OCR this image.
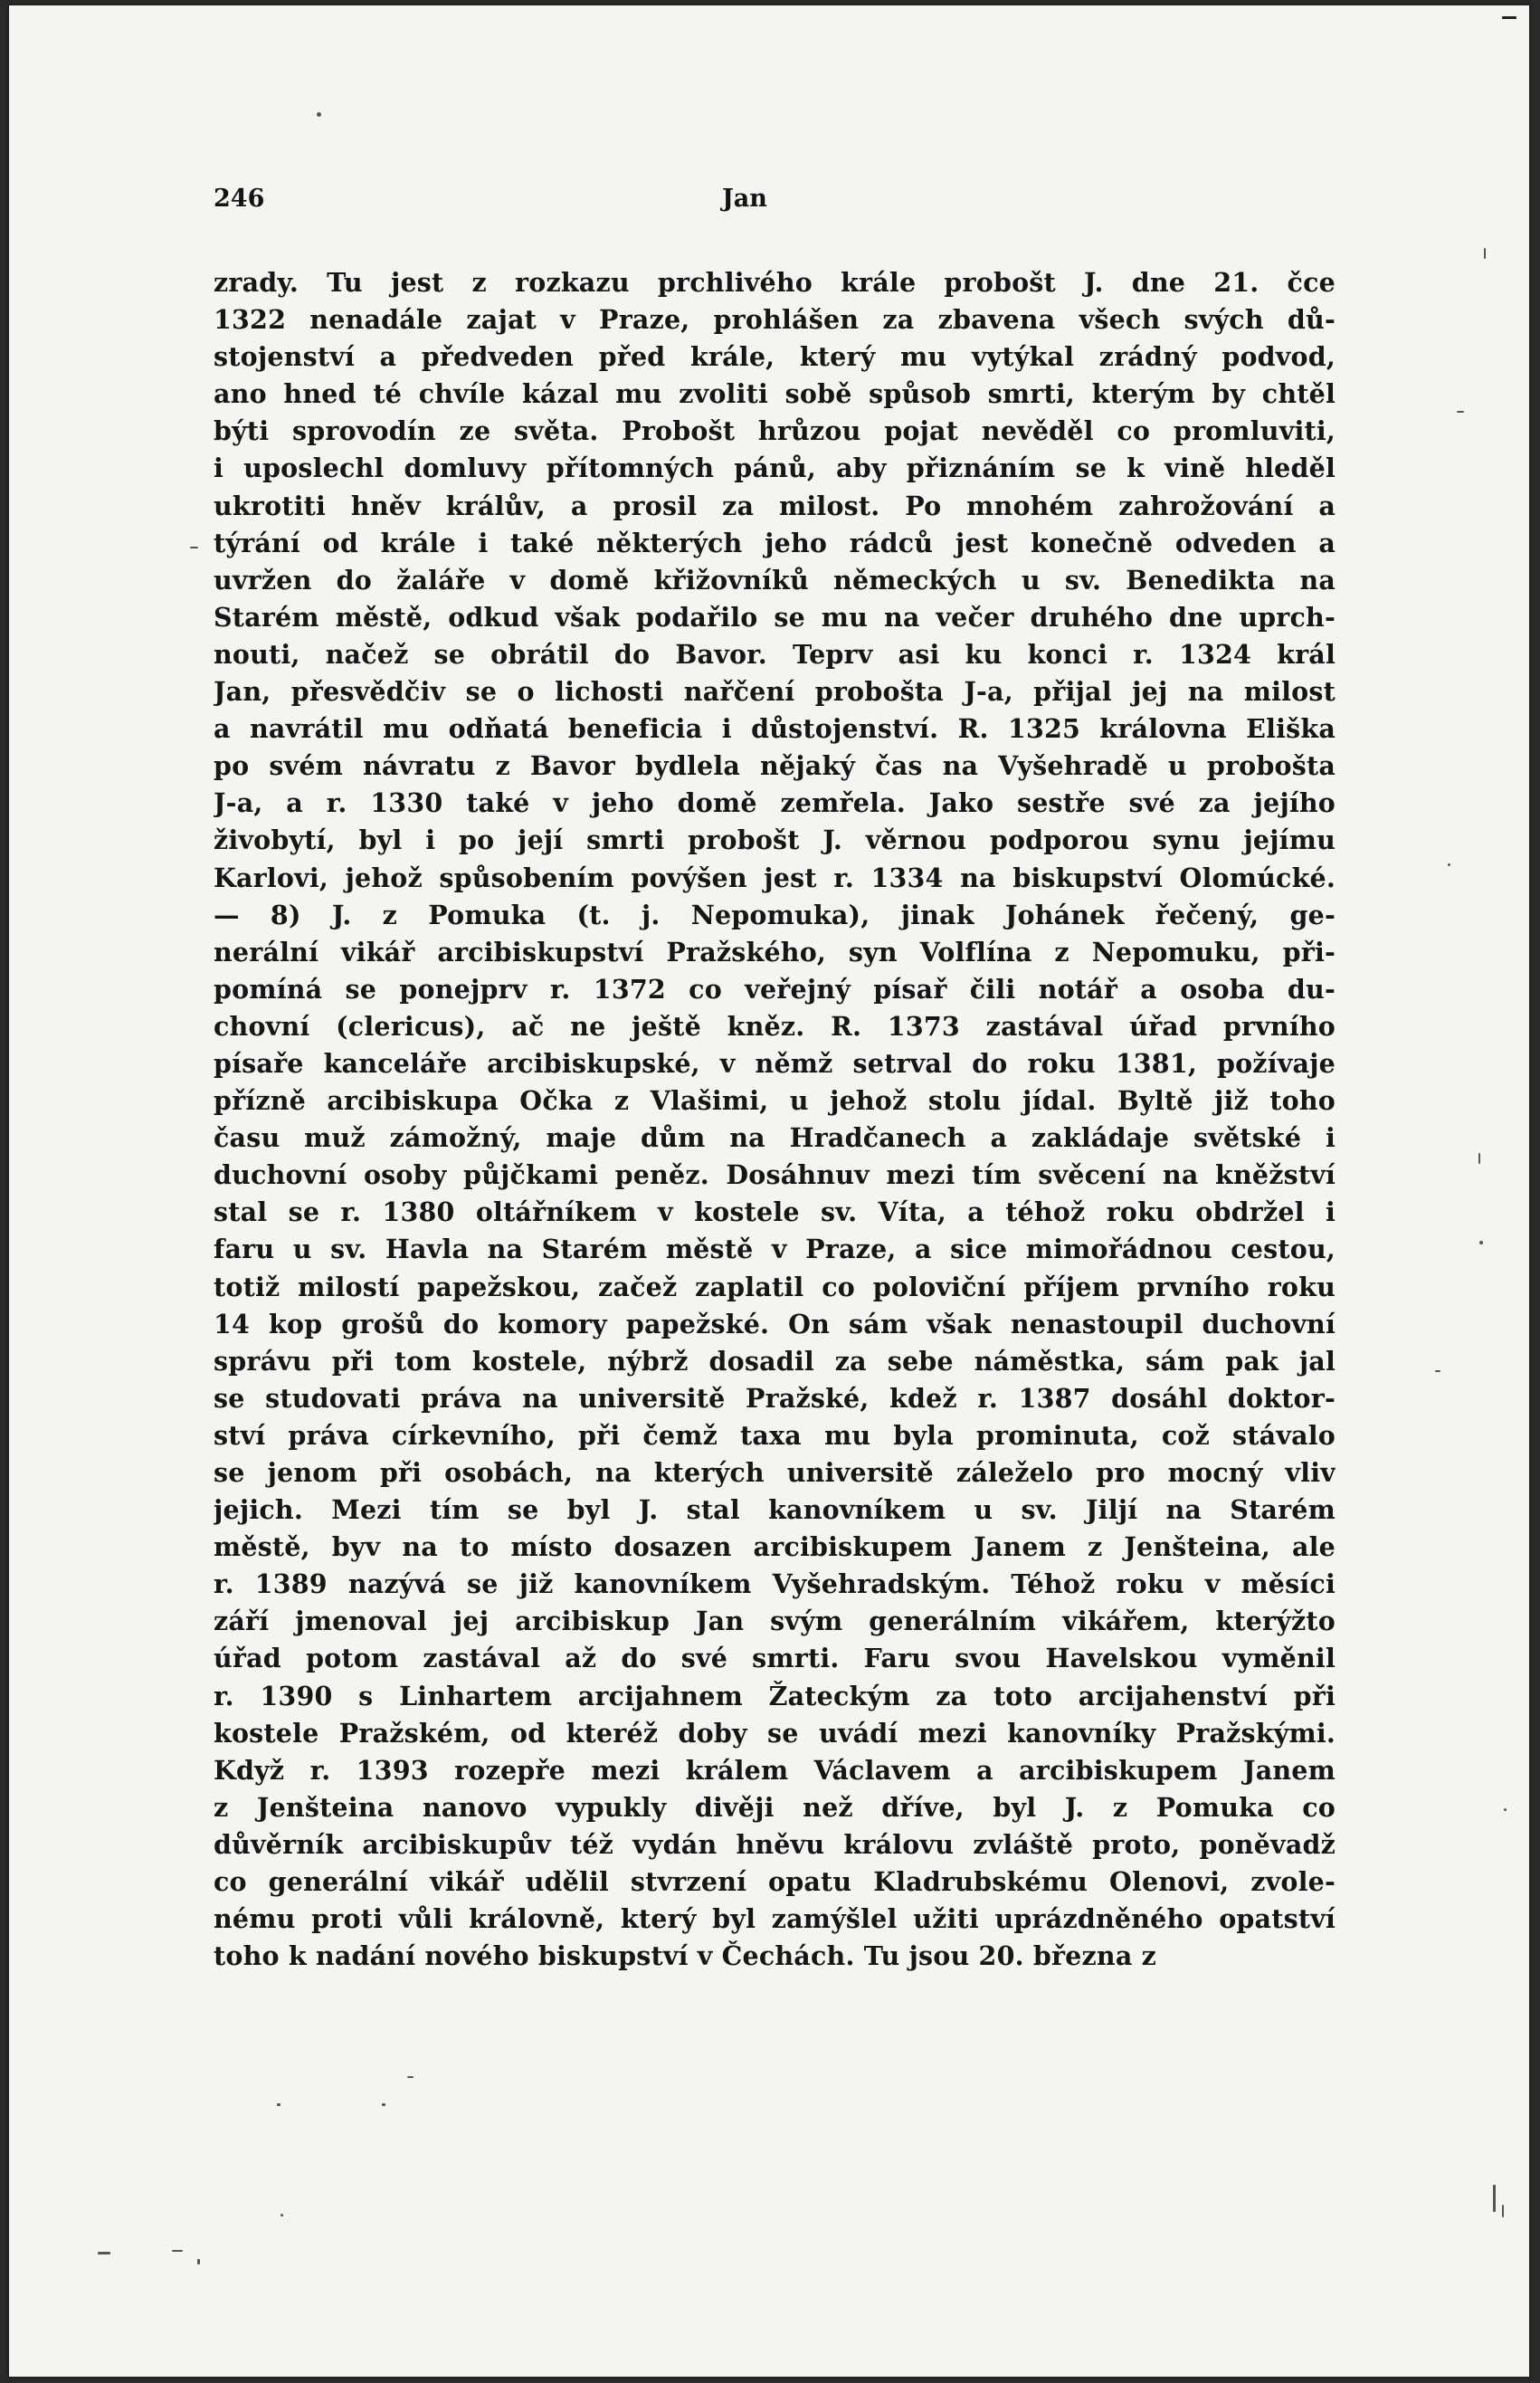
246	Jan
zrady. Tu jest z rozkazu prchlivého krále probošt J. dne 21. čce
1322 nenadále zajat v Praze, prohlášen za zbavena všech svých dů-
stojenství a předveden před krále, který mu vytýkal zrádný podvod,
ano hned té chvíle kázal mu zvoliti sobě spůsob smrti, kterým by chtěl
býti sprovodín ze světa. Probošt hrůzou pojat nevěděl co promluviti,
i uposlechl domluvy přítomných pánů, aby přiznáním se k vině hleděl
ukrotiti hněv králův, a prosil za milost. Po mnohém zahrožování a
týrání od krále i také některých jeho rádců jest konečně odveden a
uvržen do žaláře v domě křižovníků německých u sv. Benedikta na
Starém městě, odkud však podařilo se mu na večer druhého dne uprch-
nouti, načež se obrátil do Bavor. Teprv asi ku konci r. 1324 král
Jan, přesvědčiv se o lichosti nařčení probošta J-a, přijal jej na milost
a navrátil mu odňatá beneficia i důstojenství. R. 1325 královna Eliška
po svém návratu z Bavor bydlela nějaký čas na Vyšehradě u probošta
J-a, a r. 1330 také v jeho domě zemřela. Jako sestře své za jejího
živobytí, byl i po její smrti probošt J. věrnou podporou synu jejímu
Karlovi, jehož spůsobením povýšen jest r. 1334 na biskupství Olomúcké.
— 8) J. z Pomuka (t. j. Nepomuka), jinak Johánek řečený, ge-
nerální vikář arcibiskupství Pražského, syn Volflína z Nepomuku, při-
pomíná se ponejprv r. 1372 co veřejný písař čili notář a osoba du-
chovní (clericus), ač ne ještě kněz. R. 1373 zastával úřad prvního
písaře kanceláře arcibiskupské, v němž setrval do roku 1381, požívaje
přízně arcibiskupa Očka z Vlašimi, u jehož stolu jídal. Byltě již toho
času muž zámožný, maje dům na Hradčanech a zakládaje světské i
duchovní osoby půjčkami peněz. Dosáhnuv mezi tím svěcení na kněžství
stal se r. 1380 oltářníkem v kostele sv. Víta, a téhož roku obdržel i
faru u sv. Havla na Starém městě v Praze, a sice mimořádnou cestou,
totiž milostí papežskou, začež zaplatil co poloviční příjem prvního roku
14 kop grošů do komory papežské. On sám však nenastoupil duchovní
správu při tom kostele, nýbrž dosadil za sebe náměstka, sám pak jal
se studovati práva na universitě Pražské, kdež r. 1387 dosáhl doktor-
ství práva církevního, při čemž taxa mu byla prominuta, což stávalo
se jenom při osobách, na kterých universitě záleželo pro mocný vliv
jejich. Mezi tím se byl J. stal kanovníkem u sv. Jiljí na Starém
městě, byv na to místo dosazen arcibiskupem Janem z Jenšteina, ale
r. 1389 nazývá se již kanovníkem Vyšehradským. Téhož roku v měsíci
září jmenoval jej arcibiskup Jan svým generálním vikářem, kterýžto
úřad potom zastával až do své smrti. Faru svou Havelskou vyměnil
r. 1390 s Linhartem arcijahnem Žateckým za toto arcijahenství při
kostele Pražském, od kteréž doby se uvádí mezi kanovníky Pražskými.
Když r. 1393 rozepře mezi králem Václavem a arcibiskupem Janem
z Jenšteina nanovo vypukly divěji než dříve, byl J. z Pomuka co
důvěrník arcibiskupův též vydán hněvu královu zvláště proto, poněvadž
co generální vikář udělil stvrzení opatu Kladrubskému Olenovi, zvole-
nému proti vůli královně, který byl zamýšlel užiti uprázdněného opatství
toho k nadání nového biskupství v Čechách. Tu jsou 20. března z
